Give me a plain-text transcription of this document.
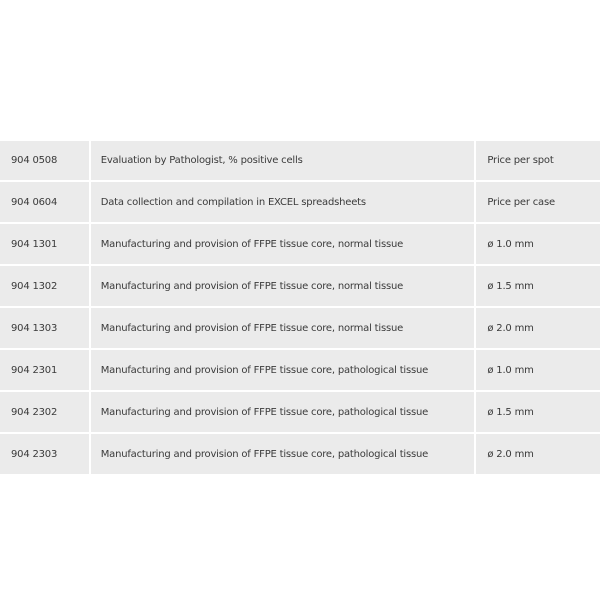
904 0508	Evaluation by Pathologist, % positive cells	Price per spot
904 0604	Data collection and compilation in EXCEL spreadsheets	Price per case
904 1301	Manufacturing and provision of FFPE tissue core, normal tissue	ø 1.0 mm
904 1302	Manufacturing and provision of FFPE tissue core, normal tissue	ø 1.5 mm
904 1303	Manufacturing and provision of FFPE tissue core, normal tissue	ø 2.0 mm
904 2301	Manufacturing and provision of FFPE tissue core, pathological tissue	ø 1.0 mm
904 2302	Manufacturing and provision of FFPE tissue core, pathological tissue	ø 1.5 mm
904 2303	Manufacturing and provision of FFPE tissue core, pathological tissue	ø 2.0 mm
